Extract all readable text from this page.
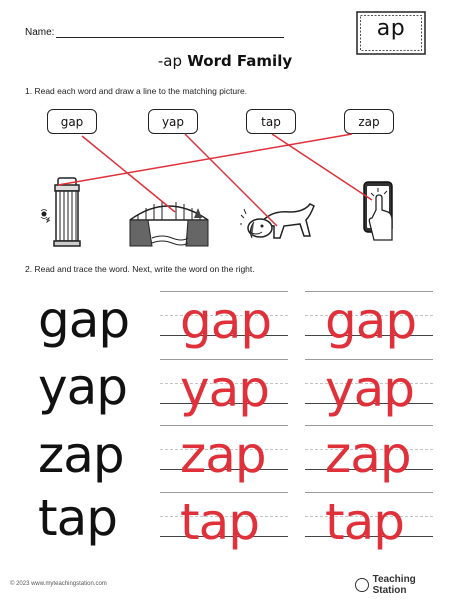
Name:	ap
-ap Word Family
1. Read each word and draw a line to the matching picture.
gap	yap	tap	zap
2. Read and trace the word. Next, write the word on the right.
gap gap gap
yap yap yap
zap zap zap
tap tap tap
© 2023 www.myteachingstation.com	Teaching Station
